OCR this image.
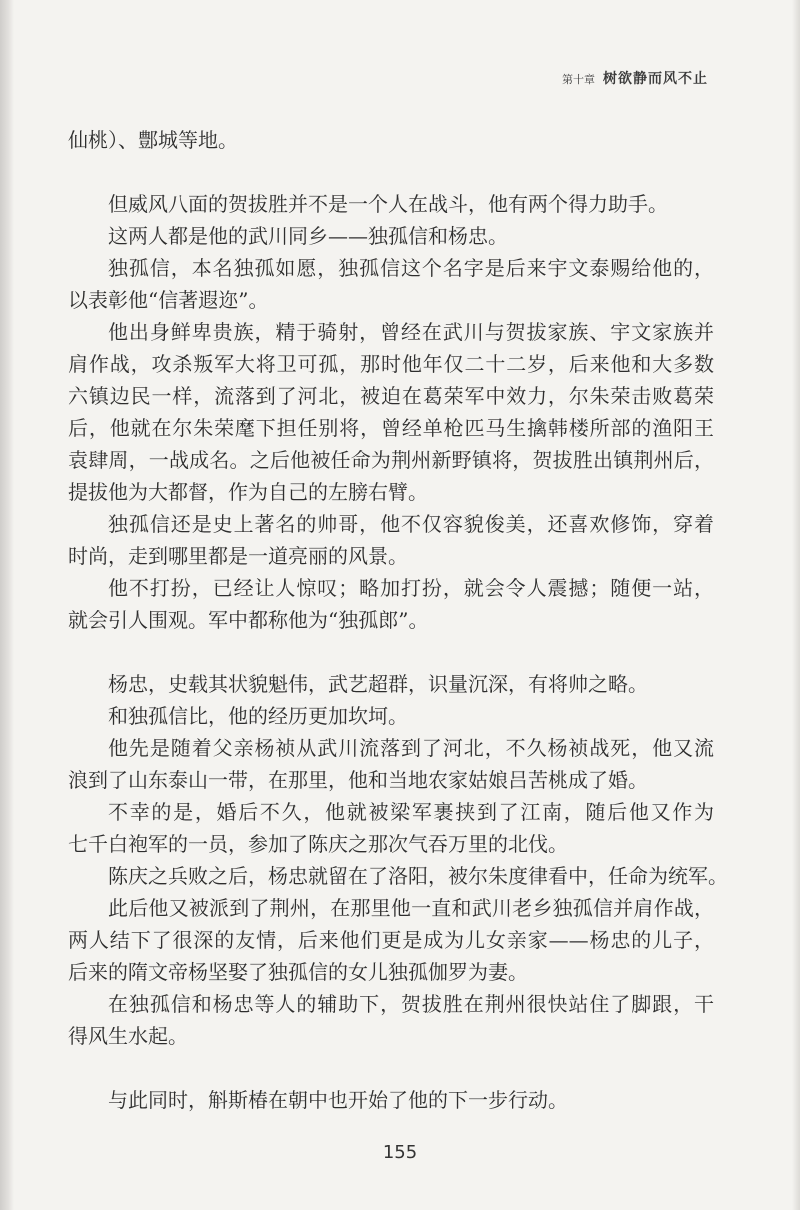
第十章 树欲静而风不止

仙桃）、鄷城等地。

但威风八面的贺拔胜并不是一个人在战斗，他有两个得力助手。

这两人都是他的武川同乡——独孤信和杨忠。

独孤信，本名独孤如愿，独孤信这个名字是后来宇文泰赐给他的，

以表彰他“信著遐迩”。

他出身鲜卑贵族，精于骑射，曾经在武川与贺拔家族、宇文家族并

肩作战，攻杀叛军大将卫可孤，那时他年仅二十二岁，后来他和大多数

六镇边民一样，流落到了河北，被迫在葛荣军中效力，尔朱荣击败葛荣

后，他就在尔朱荣麾下担任别将，曾经单枪匹马生擒韩楼所部的渔阳王

袁肆周，一战成名。之后他被任命为荆州新野镇将，贺拔胜出镇荆州后，

提拔他为大都督，作为自己的左膀右臂。

独孤信还是史上著名的帅哥，他不仅容貌俊美，还喜欢修饰，穿着

时尚，走到哪里都是一道亮丽的风景。

他不打扮，已经让人惊叹；略加打扮，就会令人震撼；随便一站，

就会引人围观。军中都称他为“独孤郎”。

杨忠，史载其状貌魁伟，武艺超群，识量沉深，有将帅之略。

和独孤信比，他的经历更加坎坷。

他先是随着父亲杨祯从武川流落到了河北，不久杨祯战死，他又流

浪到了山东泰山一带，在那里，他和当地农家姑娘吕苦桃成了婚。

不幸的是，婚后不久，他就被梁军裹挟到了江南，随后他又作为

七千白袍军的一员，参加了陈庆之那次气吞万里的北伐。

陈庆之兵败之后，杨忠就留在了洛阳，被尔朱度律看中，任命为统军。

此后他又被派到了荆州，在那里他一直和武川老乡独孤信并肩作战，

两人结下了很深的友情，后来他们更是成为儿女亲家——杨忠的儿子，

后来的隋文帝杨坚娶了独孤信的女儿独孤伽罗为妻。

在独孤信和杨忠等人的辅助下，贺拔胜在荆州很快站住了脚跟，干

得风生水起。

与此同时，斛斯椿在朝中也开始了他的下一步行动。

155
